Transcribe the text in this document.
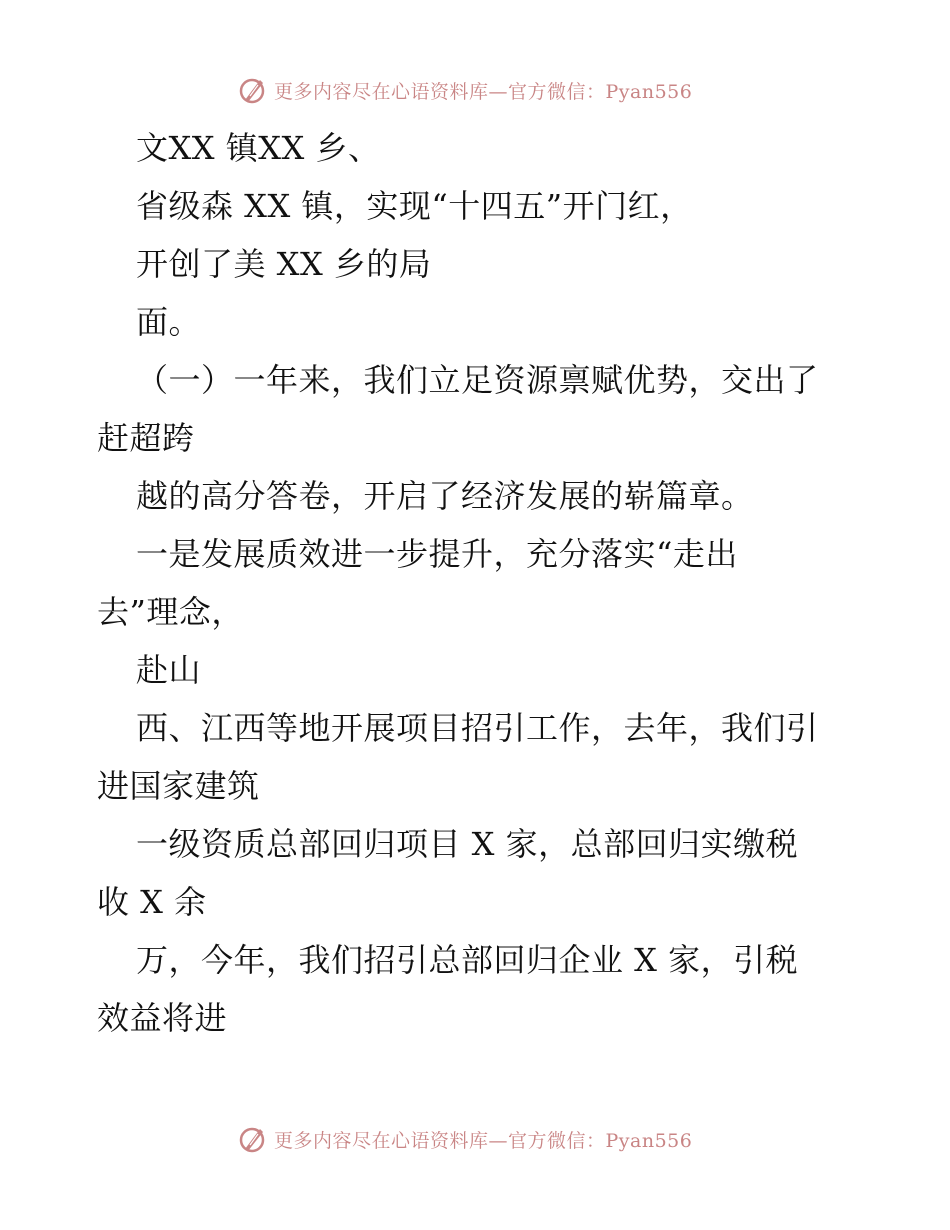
更多内容尽在心语资料库—官方微信：Pyan556
文XX 镇XX 乡、
省级森 XX 镇，实现“十四五”开门红，
开创了美 XX 乡的局
面。
（一）一年来，我们立足资源禀赋优势，交出了
赶超跨
越的高分答卷，开启了经济发展的崭篇章。
一是发展质效进一步提升，充分落实“走出
去”理念，
赴山
西、江西等地开展项目招引工作，去年，我们引
进国家建筑
一级资质总部回归项目 X 家，总部回归实缴税
收 X 余
万，今年，我们招引总部回归企业 X 家，引税
效益将进
更多内容尽在心语资料库—官方微信：Pyan556
